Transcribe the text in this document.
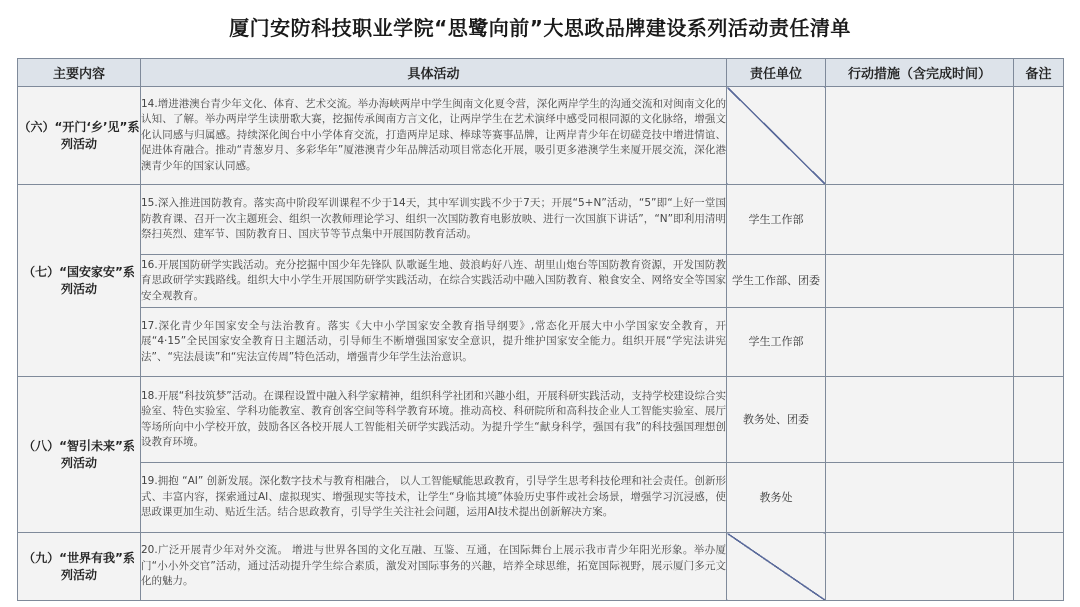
厦门安防科技职业学院“思鹭向前”大思政品牌建设系列活动责任清单
主要内容	具体活动	责任单位	行动措施（含完成时间）	备注
（六）“开门‘乡’见”系列活动	14.增进港澳台青少年文化、体育、艺术交流。举办海峡两岸中学生闽南文化夏令营，深化两岸学生的沟通交流和对闽南文化的认知、了解。举办两岸学生读册歌大赛，挖掘传承闽南方言文化，让两岸学生在艺术演绎中感受同根同源的文化脉络，增强文化认同感与归属感。持续深化闽台中小学体育交流，打造两岸足球、棒球等赛事品牌，让两岸青少年在切磋竞技中增进情谊、促进体育融合。推动“青葱岁月、多彩华年”厦港澳青少年品牌活动项目常态化开展，吸引更多港澳学生来厦开展交流，深化港澳青少年的国家认同感。			
（七）“国安家安”系列活动	15.深入推进国防教育。落实高中阶段军训课程不少于14天，其中军训实践不少于7天；开展“5+N”活动，“5”即“上好一堂国防教育课、召开一次主题班会、组织一次教师理论学习、组织一次国防教育电影放映、进行一次国旗下讲话”，“N”即利用清明祭扫英烈、建军节、国防教育日、国庆节等节点集中开展国防教育活动。	学生工作部		
	16.开展国防研学实践活动。充分挖掘中国少年先锋队 队歌诞生地、鼓浪屿好八连、胡里山炮台等国防教育资源，开发国防教育思政研学实践路线。组织大中小学生开展国防研学实践活动，在综合实践活动中融入国防教育、粮食安全、网络安全等国家安全观教育。	学生工作部、团委		
	17.深化青少年国家安全与法治教育。落实《大中小学国家安全教育指导纲要》,常态化开展大中小学国家安全教育，开展“4·15”全民国家安全教育日主题活动，引导师生不断增强国家安全意识，提升维护国家安全能力。组织开展“学宪法讲宪法”、“宪法晨读”和“宪法宣传周”特色活动，增强青少年学生法治意识。	学生工作部		
（八）“智引未来”系列活动	18.开展“科技筑梦”活动。在课程设置中融入科学家精神，组织科学社团和兴趣小组，开展科研实践活动，支持学校建设综合实验室、特色实验室、学科功能教室、教育创客空间等科学教育环境。推动高校、科研院所和高科技企业人工智能实验室、展厅等场所向中小学校开放，鼓励各区各校开展人工智能相关研学实践活动。为提升学生“献身科学，强国有我”的科技强国理想创设教育环境。	教务处、团委		
	19.拥抱 “AI” 创新发展。深化数字技术与教育相融合， 以人工智能赋能思政教育，引导学生思考科技伦理和社会责任。创新形式、丰富内容，探索通过AI、虚拟现实、增强现实等技术，让学生“身临其境”体验历史事件或社会场景，增强学习沉浸感，使思政课更加生动、贴近生活。结合思政教育，引导学生关注社会问题，运用AI技术提出创新解决方案。	教务处		
（九）“世界有我”系列活动	20.广泛开展青少年对外交流。 增进与世界各国的文化互融、互鉴、互通，在国际舞台上展示我市青少年阳光形象。举办厦门“小小外交官”活动，通过活动提升学生综合素质，激发对国际事务的兴趣，培养全球思维，拓宽国际视野，展示厦门多元文化的魅力。			
